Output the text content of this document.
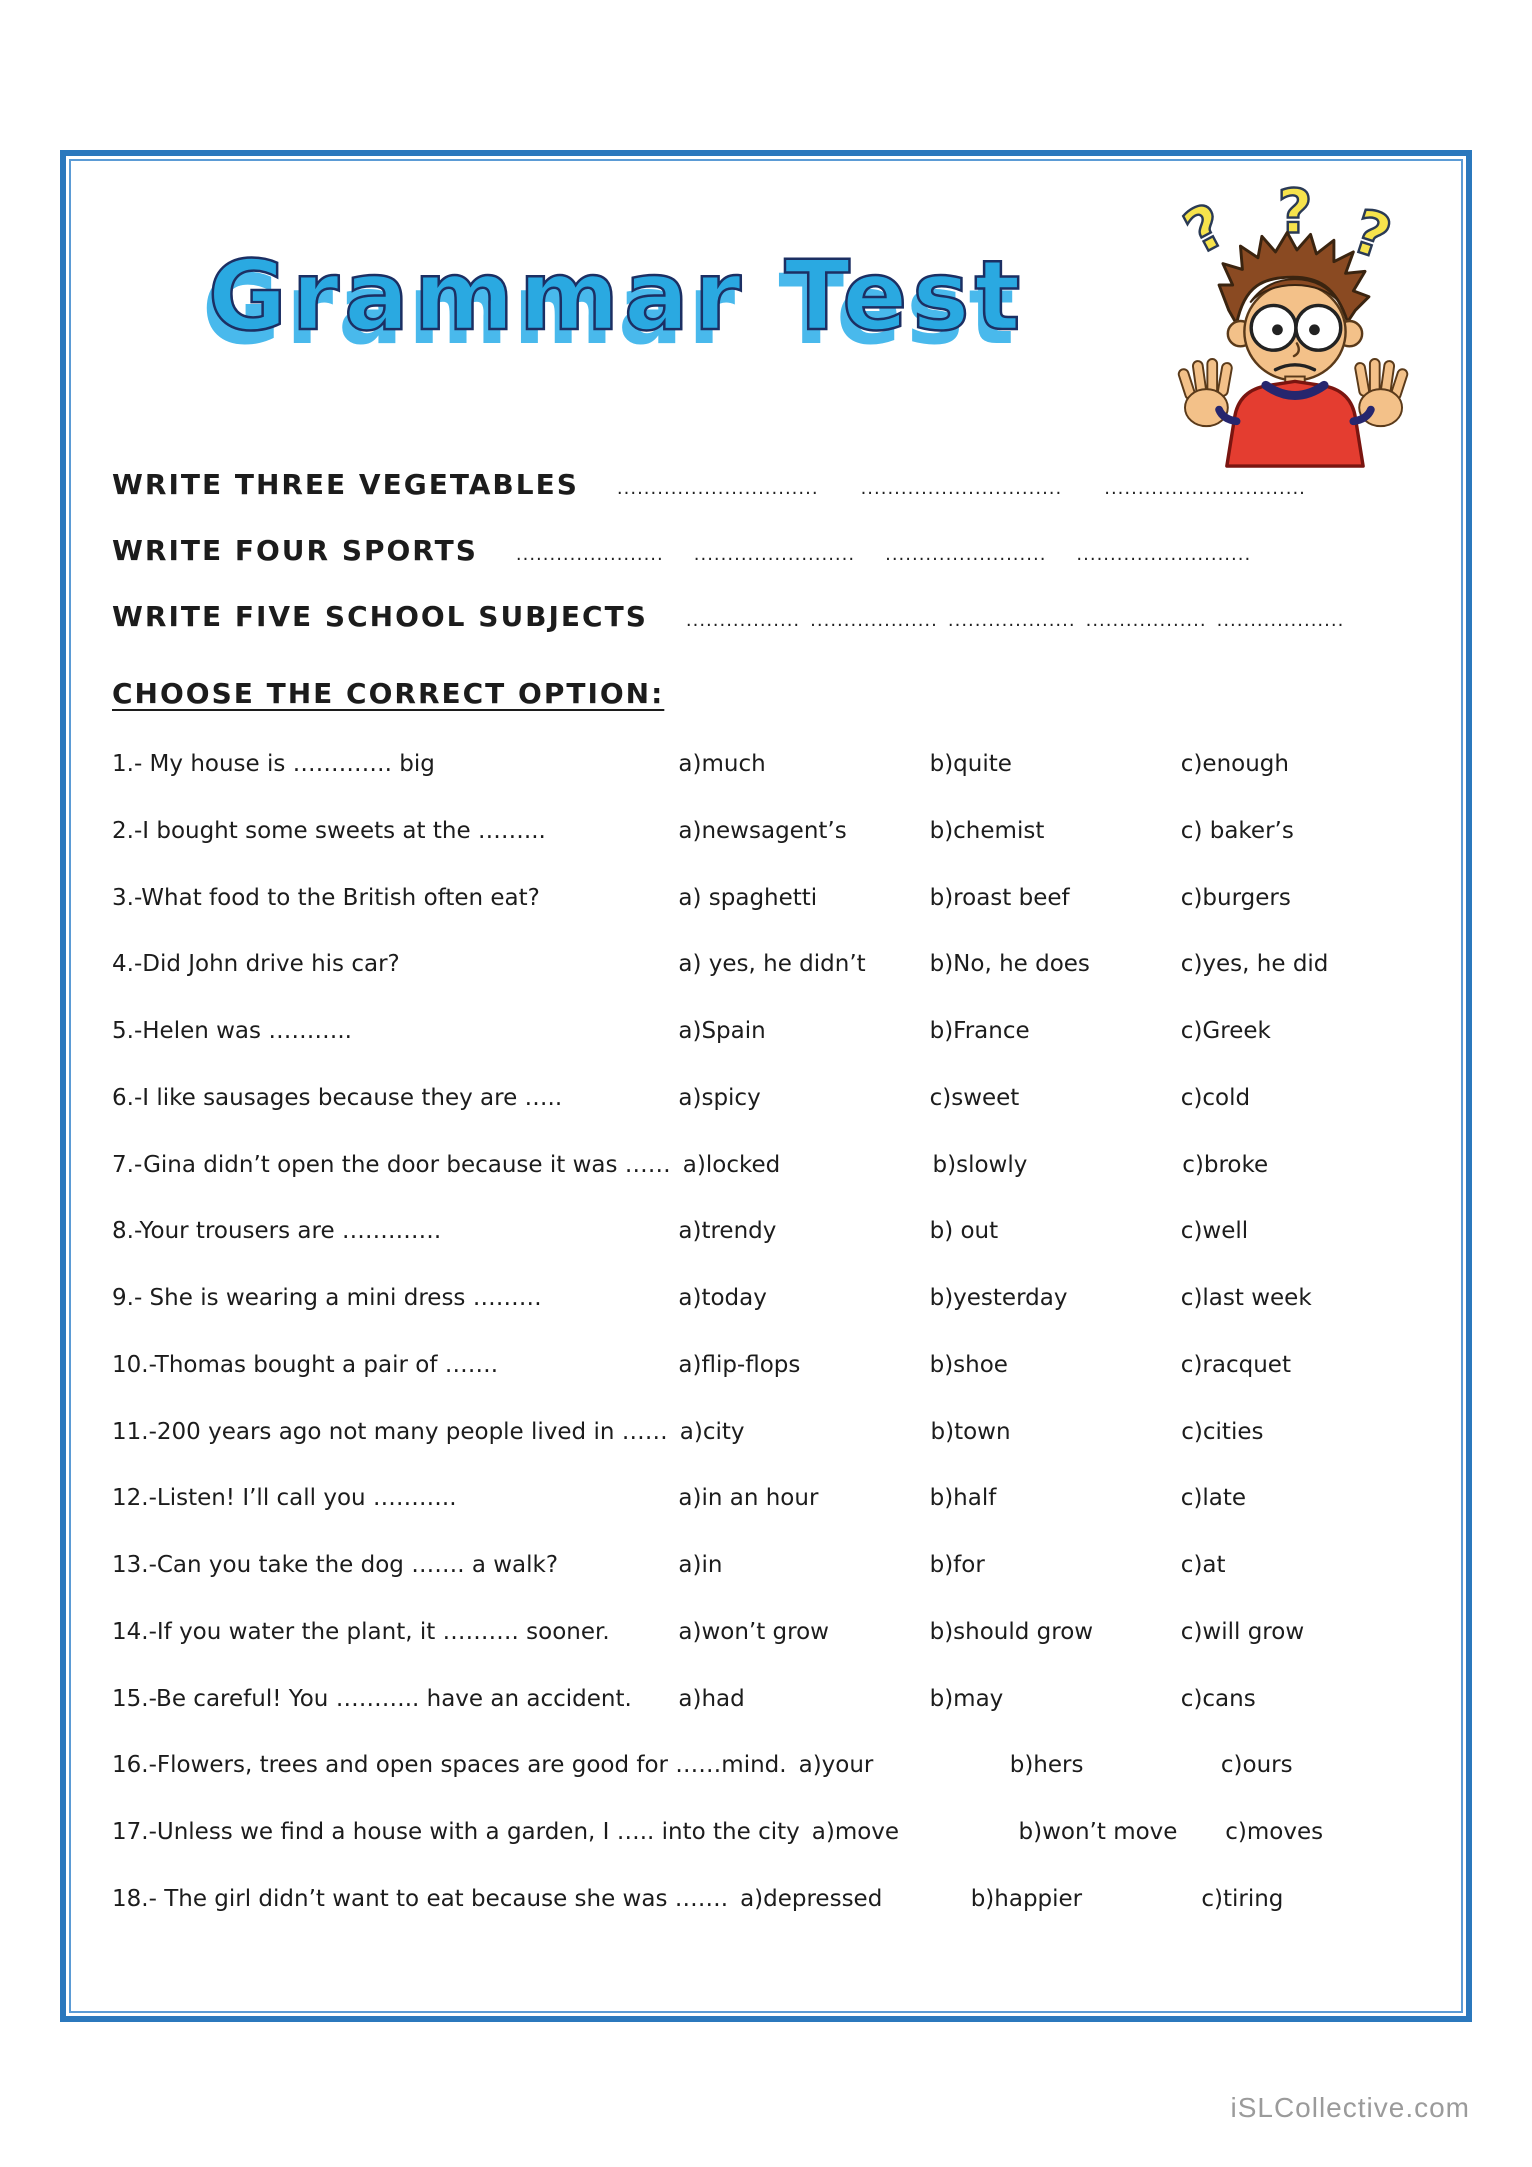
Grammar Test
? ? ?
WRITE THREE VEGETABLES .............................. .............................. ..............................
WRITE FOUR SPORTS ...................... ........................ ........................ ..........................
WRITE FIVE SCHOOL SUBJECTS ................. ................... ................... .................. ...................
CHOOSE THE CORRECT OPTION:
1.- My house is …………. big	a)much	b)quite	c)enough
2.-I bought some sweets at the ……...	a)newsagent’s	b)chemist	c) baker’s
3.-What food to the British often eat?	a) spaghetti	b)roast beef	c)burgers
4.-Did John drive his car?	a) yes, he didn’t	b)No, he does	c)yes, he did
5.-Helen was ………..	a)Spain	b)France	c)Greek
6.-I like sausages because they are …..	a)spicy	c)sweet	c)cold
7.-Gina didn’t open the door because it was …… a)locked	b)slowly	c)broke
8.-Your trousers are ………….	a)trendy	b) out	c)well
9.- She is wearing a mini dress ………	a)today	b)yesterday	c)last week
10.-Thomas bought a pair of …….	a)flip-flops	b)shoe	c)racquet
11.-200 years ago not many people lived in …… a)city	b)town	c)cities
12.-Listen! I’ll call you ………..	a)in an hour	b)half	c)late
13.-Can you take the dog ……. a walk?	a)in	b)for	c)at
14.-If you water the plant, it ………. sooner.	a)won’t grow	b)should grow	c)will grow
15.-Be careful! You ……….. have an accident.	a)had	b)may	c)cans
16.-Flowers, trees and open spaces are good for ……mind. a)your	b)hers	c)ours
17.-Unless we find a house with a garden, I ….. into the city a)move	b)won’t move	c)moves
18.- The girl didn’t want to eat because she was ……. a)depressed	b)happier	c)tiring
iSLCollective.com
